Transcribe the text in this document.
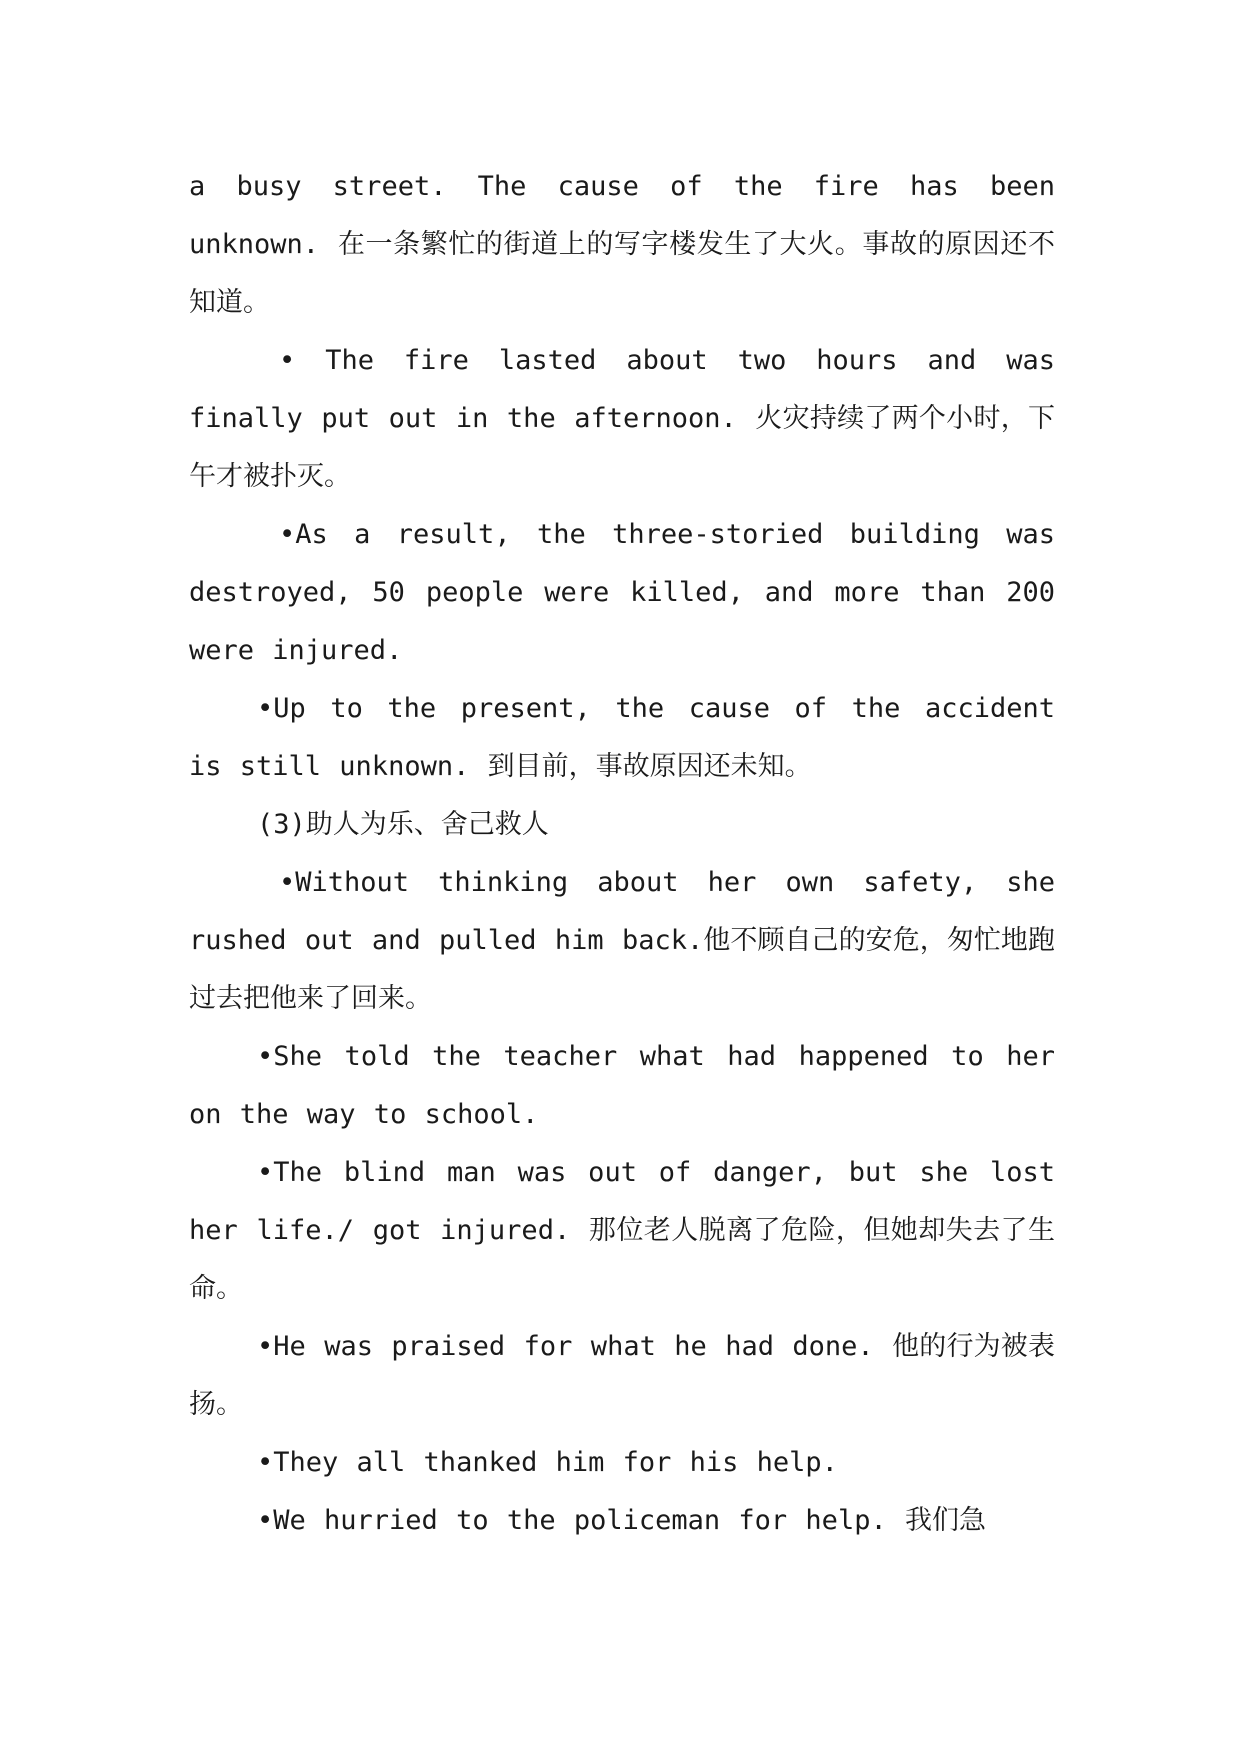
a busy street. The cause of the fire has been unknown. 在一条繁忙的街道上的写字楼发生了大火。事故的原因还不知道。

• The fire lasted about two hours and was finally put out in the afternoon. 火灾持续了两个小时，下午才被扑灭。

•As a result, the three-storied building was destroyed, 50 people were killed, and more than 200 were injured.

•Up to the present, the cause of the accident is still unknown. 到目前，事故原因还未知。

(3)助人为乐、舍己救人

•Without thinking about her own safety, she rushed out and pulled him back.他不顾自己的安危，匆忙地跑过去把他来了回来。

•She told the teacher what had happened to her on the way to school.

•The blind man was out of danger, but she lost her life./ got injured. 那位老人脱离了危险，但她却失去了生命。

•He was praised for what he had done. 他的行为被表扬。

•They all thanked him for his help.

•We hurried to the policeman for help. 我们急
